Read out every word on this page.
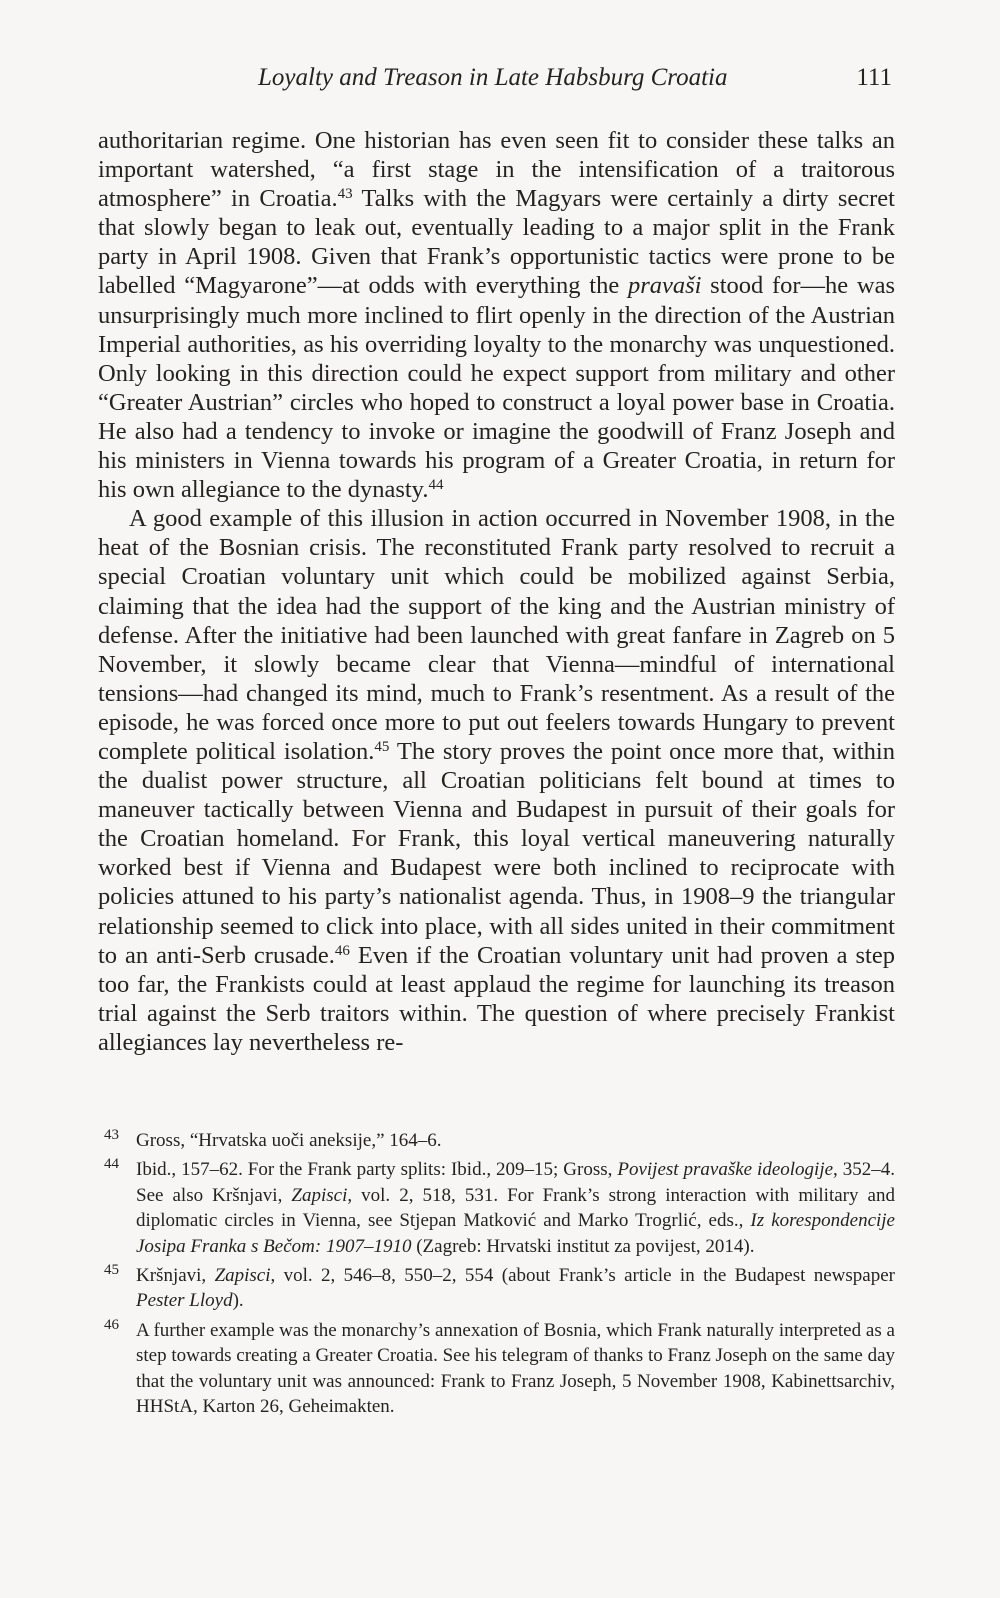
Loyalty and Treason in Late Habsburg Croatia	111

authoritarian regime. One historian has even seen fit to consider these talks an important watershed, “a first stage in the intensification of a traitorous atmosphere” in Croatia.$^{43}$ Talks with the Magyars were certainly a dirty secret that slowly began to leak out, eventually leading to a major split in the Frank party in April 1908. Given that Frank’s opportunistic tactics were prone to be labelled “Magyarone”—at odds with everything the pravaši stood for—he was unsurprisingly much more inclined to flirt openly in the direction of the Austrian Imperial authorities, as his overriding loyalty to the monarchy was unquestioned. Only looking in this direction could he expect support from military and other “Greater Austrian” circles who hoped to construct a loyal power base in Croatia. He also had a tendency to invoke or imagine the goodwill of Franz Joseph and his ministers in Vienna towards his program of a Greater Croatia, in return for his own allegiance to the dynasty.$^{44}$

A good example of this illusion in action occurred in November 1908, in the heat of the Bosnian crisis. The reconstituted Frank party resolved to recruit a special Croatian voluntary unit which could be mobilized against Serbia, claiming that the idea had the support of the king and the Austrian ministry of defense. After the initiative had been launched with great fanfare in Zagreb on 5 November, it slowly became clear that Vienna—mindful of international tensions—had changed its mind, much to Frank’s resentment. As a result of the episode, he was forced once more to put out feelers towards Hungary to prevent complete political isolation.$^{45}$ The story proves the point once more that, within the dualist power structure, all Croatian politicians felt bound at times to maneuver tactically between Vienna and Budapest in pursuit of their goals for the Croatian homeland. For Frank, this loyal vertical maneuvering naturally worked best if Vienna and Budapest were both inclined to reciprocate with policies attuned to his party’s nationalist agenda. Thus, in 1908–9 the triangular relationship seemed to click into place, with all sides united in their commitment to an anti-Serb crusade.$^{46}$ Even if the Croatian voluntary unit had proven a step too far, the Frankists could at least applaud the regime for launching its treason trial against the Serb traitors within. The question of where precisely Frankist allegiances lay nevertheless re-

43 Gross, “Hrvatska uoči aneksije,” 164–6.
44 Ibid., 157–62. For the Frank party splits: Ibid., 209–15; Gross, Povijest pravaške ideologije, 352–4. See also Kršnjavi, Zapisci, vol. 2, 518, 531. For Frank’s strong interaction with military and diplomatic circles in Vienna, see Stjepan Matković and Marko Trogrlić, eds., Iz korespondencije Josipa Franka s Bečom: 1907–1910 (Zagreb: Hrvatski institut za povijest, 2014).
45 Kršnjavi, Zapisci, vol. 2, 546–8, 550–2, 554 (about Frank’s article in the Budapest newspaper Pester Lloyd).
46 A further example was the monarchy’s annexation of Bosnia, which Frank naturally interpreted as a step towards creating a Greater Croatia. See his telegram of thanks to Franz Joseph on the same day that the voluntary unit was announced: Frank to Franz Joseph, 5 November 1908, Kabinettsarchiv, HHStA, Karton 26, Geheimakten.
